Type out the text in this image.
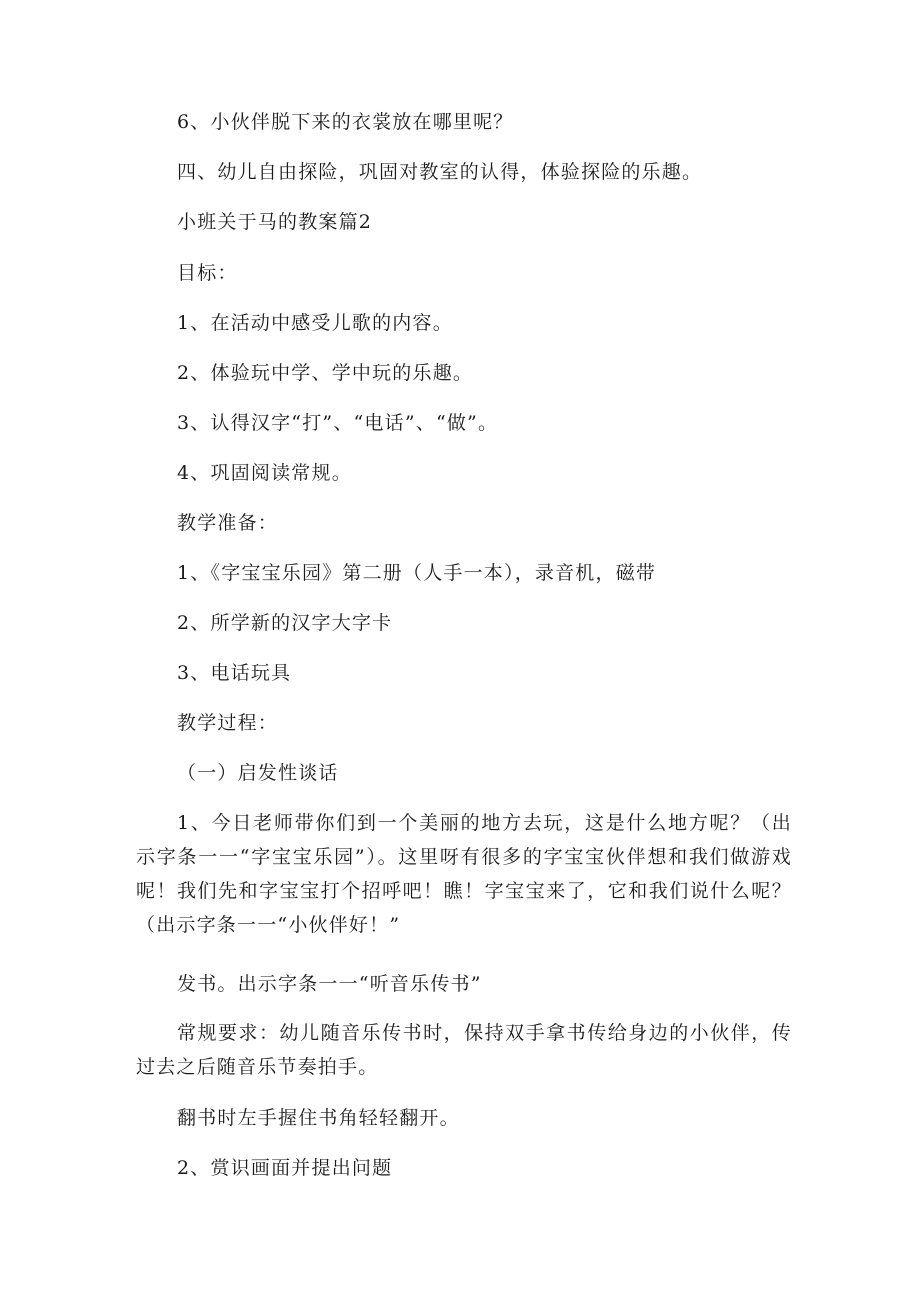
6、小伙伴脱下来的衣裳放在哪里呢？
四、幼儿自由探险，巩固对教室的认得，体验探险的乐趣。
小班关于马的教案篇2
目标：
1、在活动中感受儿歌的内容。
2、体验玩中学、学中玩的乐趣。
3、认得汉字“打”、“电话”、“做”。
4、巩固阅读常规。
教学准备：
1、《字宝宝乐园》第二册（人手一本），录音机，磁带
2、所学新的汉字大字卡
3、电话玩具
教学过程：
（一）启发性谈话
1、今日老师带你们到一个美丽的地方去玩，这是什么地方呢？（出示字条一一“字宝宝乐园”）。这里呀有很多的字宝宝伙伴想和我们做游戏呢！我们先和字宝宝打个招呼吧！瞧！字宝宝来了，它和我们说什么呢？（出示字条一一“小伙伴好！”
发书。出示字条一一“听音乐传书”
常规要求：幼儿随音乐传书时，保持双手拿书传给身边的小伙伴，传过去之后随音乐节奏拍手。
翻书时左手握住书角轻轻翻开。
2、赏识画面并提出问题
